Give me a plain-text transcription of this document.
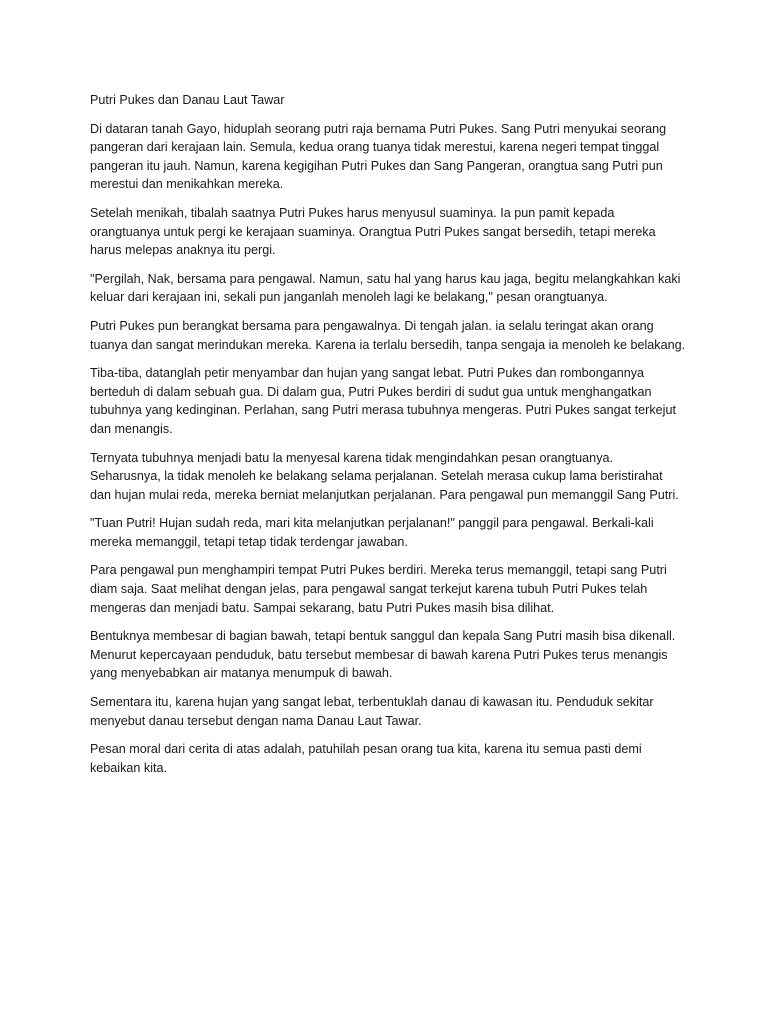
Putri Pukes dan Danau Laut Tawar

Di dataran tanah Gayo, hiduplah seorang putri raja bernama Putri Pukes. Sang Putri menyukai seorang pangeran dari kerajaan lain. Semula, kedua orang tuanya tidak merestui, karena negeri tempat tinggal pangeran itu jauh. Namun, karena kegigihan Putri Pukes dan Sang Pangeran, orangtua sang Putri pun merestui dan menikahkan mereka.

Setelah menikah, tibalah saatnya Putri Pukes harus menyusul suaminya. Ia pun pamit kepada orangtuanya untuk pergi ke kerajaan suaminya. Orangtua Putri Pukes sangat bersedih, tetapi mereka harus melepas anaknya itu pergi.

"Pergilah, Nak, bersama para pengawal. Namun, satu hal yang harus kau jaga, begitu melangkahkan kaki keluar dari kerajaan ini, sekali pun janganlah menoleh lagi ke belakang," pesan orangtuanya.

Putri Pukes pun berangkat bersama para pengawalnya. Di tengah jalan. ia selalu teringat akan orang tuanya dan sangat merindukan mereka. Karena ia terlalu bersedih, tanpa sengaja ia menoleh ke belakang.

Tiba-tiba, datanglah petir menyambar dan hujan yang sangat lebat. Putri Pukes dan rombongannya berteduh di dalam sebuah gua. Di dalam gua, Putri Pukes berdiri di sudut gua untuk menghangatkan tubuhnya yang kedinginan. Perlahan, sang Putri merasa tubuhnya mengeras. Putri Pukes sangat terkejut dan menangis.

Ternyata tubuhnya menjadi batu la menyesal karena tidak mengindahkan pesan orangtuanya. Seharusnya, la tidak menoleh ke belakang selama perjalanan. Setelah merasa cukup lama beristirahat dan hujan mulai reda, mereka berniat melanjutkan perjalanan. Para pengawal pun memanggil Sang Putri.

"Tuan Putri! Hujan sudah reda, mari kita melanjutkan perjalanan!" panggil para pengawal. Berkali-kali mereka memanggil, tetapi tetap tidak terdengar jawaban.

Para pengawal pun menghampiri tempat Putri Pukes berdiri. Mereka terus memanggil, tetapi sang Putri diam saja. Saat melihat dengan jelas, para pengawal sangat terkejut karena tubuh Putri Pukes telah mengeras dan menjadi batu. Sampai sekarang, batu Putri Pukes masih bisa dilihat.

Bentuknya membesar di bagian bawah, tetapi bentuk sanggul dan kepala Sang Putri masih bisa dikenall. Menurut kepercayaan penduduk, batu tersebut membesar di bawah karena Putri Pukes terus menangis yang menyebabkan air matanya menumpuk di bawah.

Sementara itu, karena hujan yang sangat lebat, terbentuklah danau di kawasan itu. Penduduk sekitar menyebut danau tersebut dengan nama Danau Laut Tawar.

Pesan moral dari cerita di atas adalah, patuhilah pesan orang tua kita, karena itu semua pasti demi kebaikan kita.
